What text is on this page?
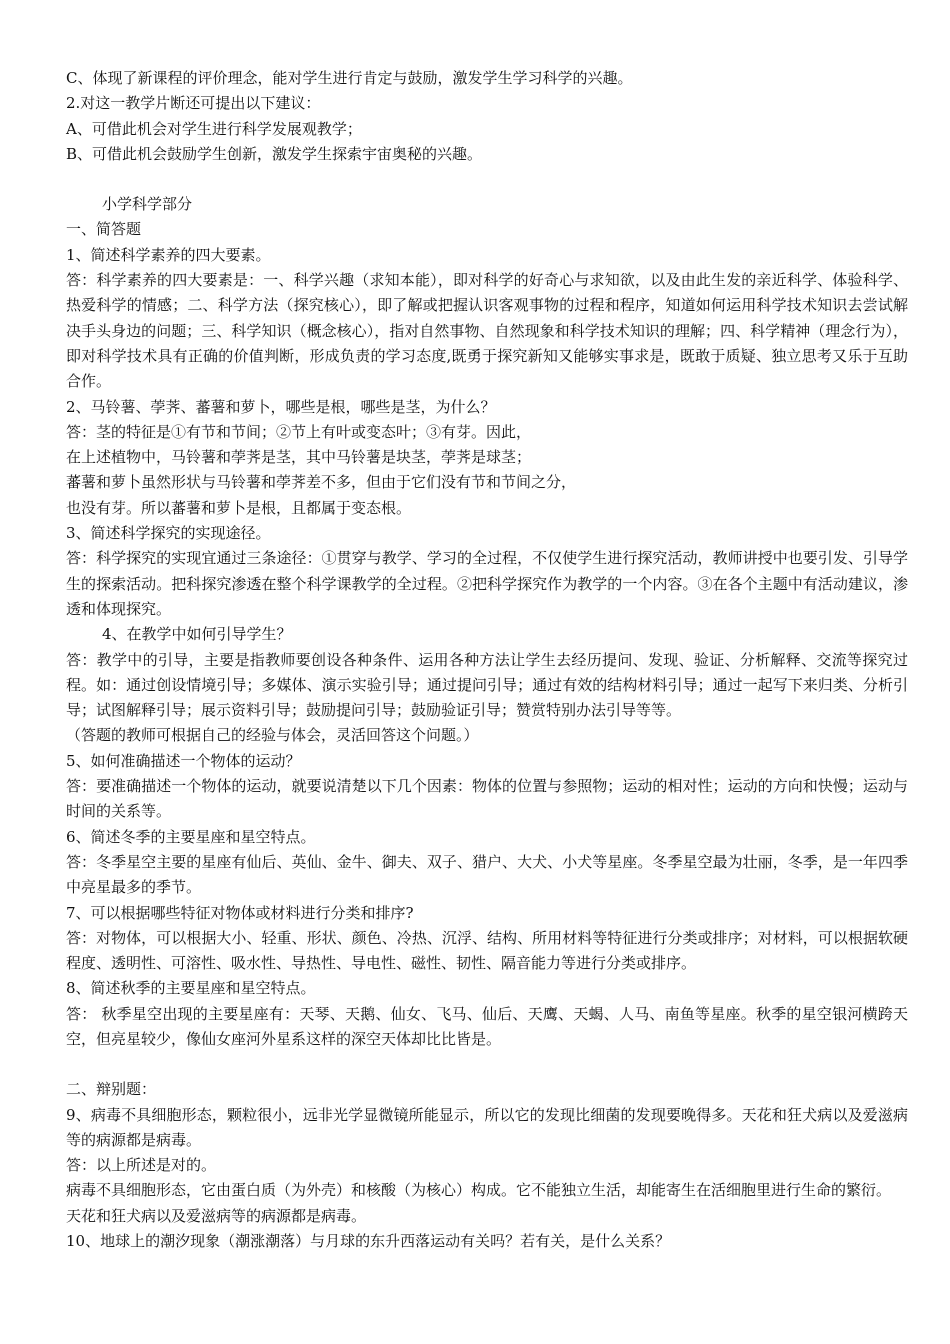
C、体现了新课程的评价理念，能对学生进行肯定与鼓励，激发学生学习科学的兴趣。

2.对这一教学片断还可提出以下建议：

A、可借此机会对学生进行科学发展观教学；

B、可借此机会鼓励学生创新，激发学生探索宇宙奥秘的兴趣。

小学科学部分

一、简答题

1、简述科学素养的四大要素。

答：科学素养的四大要素是：一、科学兴趣（求知本能），即对科学的好奇心与求知欲，以及由此生发的亲近科学、体验科学、热爱科学的情感；二、科学方法（探究核心），即了解或把握认识客观事物的过程和程序，知道如何运用科学技术知识去尝试解决手头身边的问题；三、科学知识（概念核心），指对自然事物、自然现象和科学技术知识的理解；四、科学精神（理念行为），即对科学技术具有正确的价值判断，形成负责的学习态度,既勇于探究新知又能够实事求是，既敢于质疑、独立思考又乐于互助合作。

2、马铃薯、荸荠、蕃薯和萝卜，哪些是根，哪些是茎，为什么？

答：茎的特征是①有节和节间；②节上有叶或变态叶；③有芽。因此，

在上述植物中，马铃薯和荸荠是茎，其中马铃薯是块茎，荸荠是球茎；

蕃薯和萝卜虽然形状与马铃薯和荸荠差不多，但由于它们没有节和节间之分，

也没有芽。所以蕃薯和萝卜是根，且都属于变态根。

3、简述科学探究的实现途径。

答：科学探究的实现宜通过三条途径：①贯穿与教学、学习的全过程，不仅使学生进行探究活动，教师讲授中也要引发、引导学生的探索活动。把科探究渗透在整个科学课教学的全过程。②把科学探究作为教学的一个内容。③在各个主题中有活动建议，渗透和体现探究。

4、在教学中如何引导学生？

答：教学中的引导，主要是指教师要创设各种条件、运用各种方法让学生去经历提问、发现、验证、分析解释、交流等探究过程。如：通过创设情境引导；多媒体、演示实验引导；通过提问引导；通过有效的结构材料引导；通过一起写下来归类、分析引导；试图解释引导；展示资料引导；鼓励提问引导；鼓励验证引导；赞赏特别办法引导等等。

（答题的教师可根据自己的经验与体会，灵活回答这个问题。）

5、如何准确描述一个物体的运动？

答：要准确描述一个物体的运动，就要说清楚以下几个因素：物体的位置与参照物；运动的相对性；运动的方向和快慢；运动与时间的关系等。

6、简述冬季的主要星座和星空特点。

答：冬季星空主要的星座有仙后、英仙、金牛、御夫、双子、猎户、大犬、小犬等星座。冬季星空最为壮丽，冬季，是一年四季中亮星最多的季节。

7、可以根据哪些特征对物体或材料进行分类和排序?

答：对物体，可以根据大小、轻重、形状、颜色、冷热、沉浮、结构、所用材料等特征进行分类或排序；对材料，可以根据软硬程度、透明性、可溶性、吸水性、导热性、导电性、磁性、韧性、隔音能力等进行分类或排序。

8、简述秋季的主要星座和星空特点。

答： 秋季星空出现的主要星座有：天琴、天鹅、仙女、飞马、仙后、天鹰、天蝎、人马、南鱼等星座。秋季的星空银河横跨天空，但亮星较少，像仙女座河外星系这样的深空天体却比比皆是。

二、辩别题：

9、病毒不具细胞形态，颗粒很小，远非光学显微镜所能显示，所以它的发现比细菌的发现要晚得多。天花和狂犬病以及爱滋病等的病源都是病毒。

答：以上所述是对的。

病毒不具细胞形态，它由蛋白质（为外壳）和核酸（为核心）构成。它不能独立生活，却能寄生在活细胞里进行生命的繁衍。

天花和狂犬病以及爱滋病等的病源都是病毒。

10、地球上的潮汐现象（潮涨潮落）与月球的东升西落运动有关吗？若有关，是什么关系？
